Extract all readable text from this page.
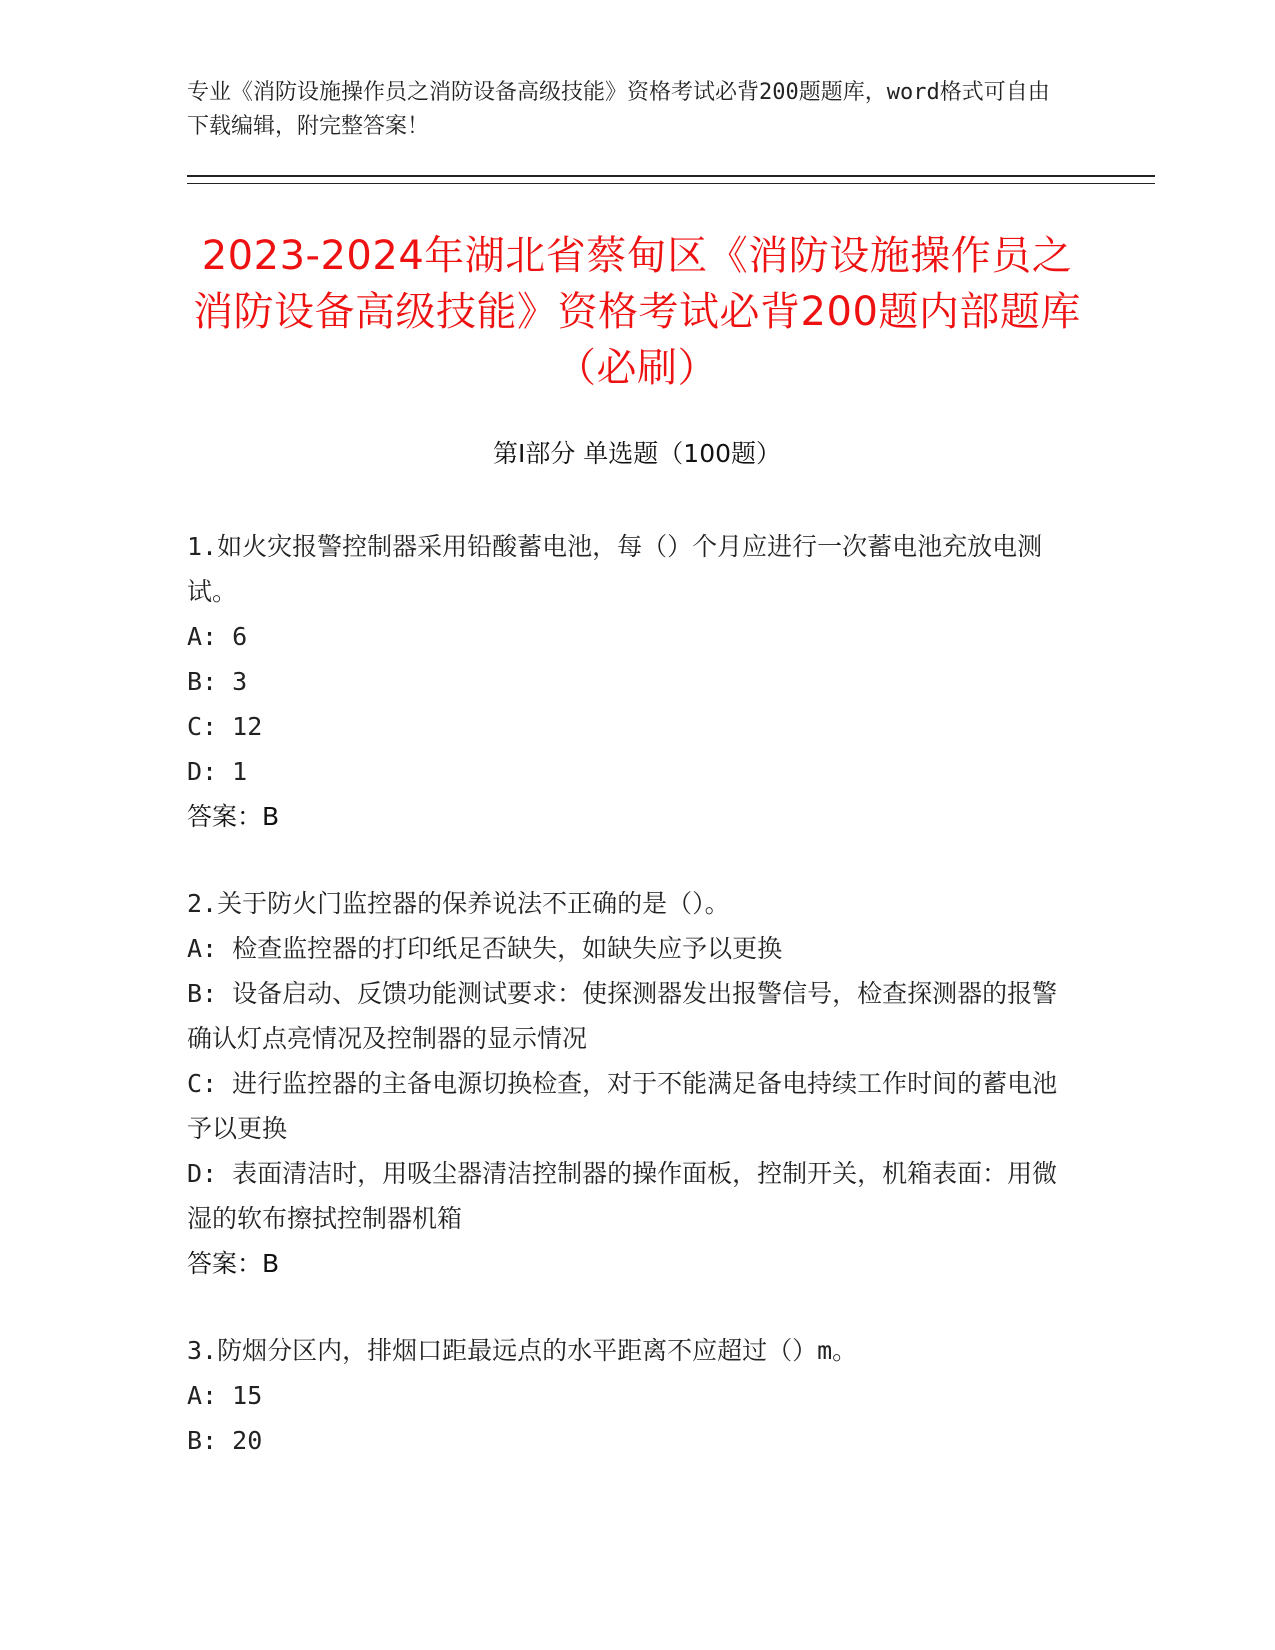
专业《消防设施操作员之消防设备高级技能》资格考试必背200题题库，word格式可自由下载编辑，附完整答案！
2023-2024年湖北省蔡甸区《消防设施操作员之消防设备高级技能》资格考试必背200题内部题库（必刷）
第Ⅰ部分 单选题（100题）

1.如火灾报警控制器采用铅酸蓄电池，每（）个月应进行一次蓄电池充放电测试。

A: 6

B: 3

C: 12

D: 1

答案：B

2.关于防火门监控器的保养说法不正确的是（）。

A: 检查监控器的打印纸足否缺失，如缺失应予以更换

B: 设备启动、反馈功能测试要求：使探测器发出报警信号，检查探测器的报警确认灯点亮情况及控制器的显示情况

C: 进行监控器的主备电源切换检查，对于不能满足备电持续工作时间的蓄电池予以更换

D: 表面清洁时，用吸尘器清洁控制器的操作面板，控制开关，机箱表面：用微湿的软布擦拭控制器机箱

答案：B

3.防烟分区内，排烟口距最远点的水平距离不应超过（）m。

A: 15

B: 20
